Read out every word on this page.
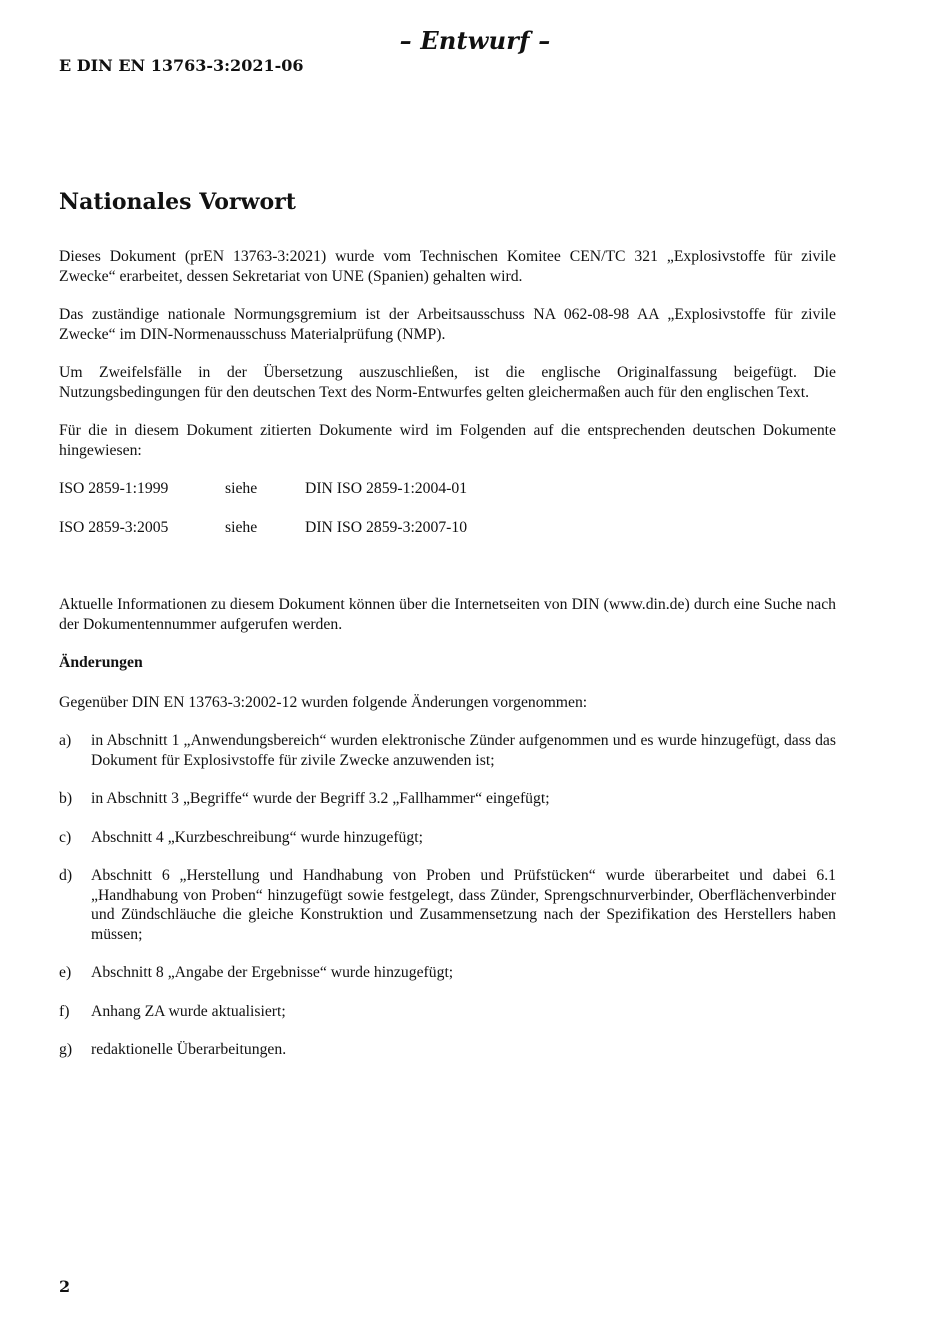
– Entwurf –
E DIN EN 13763-3:2021-06
Nationales Vorwort

Dieses Dokument (prEN 13763-3:2021) wurde vom Technischen Komitee CEN/TC 321 „Explosivstoffe für zivile Zwecke“ erarbeitet, dessen Sekretariat von UNE (Spanien) gehalten wird.

Das zuständige nationale Normungsgremium ist der Arbeitsausschuss NA 062-08-98 AA „Explosivstoffe für zivile Zwecke“ im DIN-Normenausschuss Materialprüfung (NMP).

Um Zweifelsfälle in der Übersetzung auszuschließen, ist die englische Originalfassung beigefügt. Die Nutzungsbedingungen für den deutschen Text des Norm-Entwurfes gelten gleichermaßen auch für den englischen Text.

Für die in diesem Dokument zitierten Dokumente wird im Folgenden auf die entsprechenden deutschen Dokumente hingewiesen:

ISO 2859-1:1999	siehe	DIN ISO 2859-1:2004-01
ISO 2859-3:2005	siehe	DIN ISO 2859-3:2007-10

Aktuelle Informationen zu diesem Dokument können über die Internetseiten von DIN (www.din.de) durch eine Suche nach der Dokumentennummer aufgerufen werden.

Änderungen

Gegenüber DIN EN 13763-3:2002-12 wurden folgende Änderungen vorgenommen:

a)	in Abschnitt 1 „Anwendungsbereich“ wurden elektronische Zünder aufgenommen und es wurde hinzugefügt, dass das Dokument für Explosivstoffe für zivile Zwecke anzuwenden ist;
b)	in Abschnitt 3 „Begriffe“ wurde der Begriff 3.2 „Fallhammer“ eingefügt;
c)	Abschnitt 4 „Kurzbeschreibung“ wurde hinzugefügt;
d)	Abschnitt 6 „Herstellung und Handhabung von Proben und Prüfstücken“ wurde überarbeitet und dabei 6.1 „Handhabung von Proben“ hinzugefügt sowie festgelegt, dass Zünder, Sprengschnurverbinder, Oberflächenverbinder und Zündschläuche die gleiche Konstruktion und Zusammensetzung nach der Spezifikation des Herstellers haben müssen;
e)	Abschnitt 8 „Angabe der Ergebnisse“ wurde hinzugefügt;
f)	Anhang ZA wurde aktualisiert;
g)	redaktionelle Überarbeitungen.
2
